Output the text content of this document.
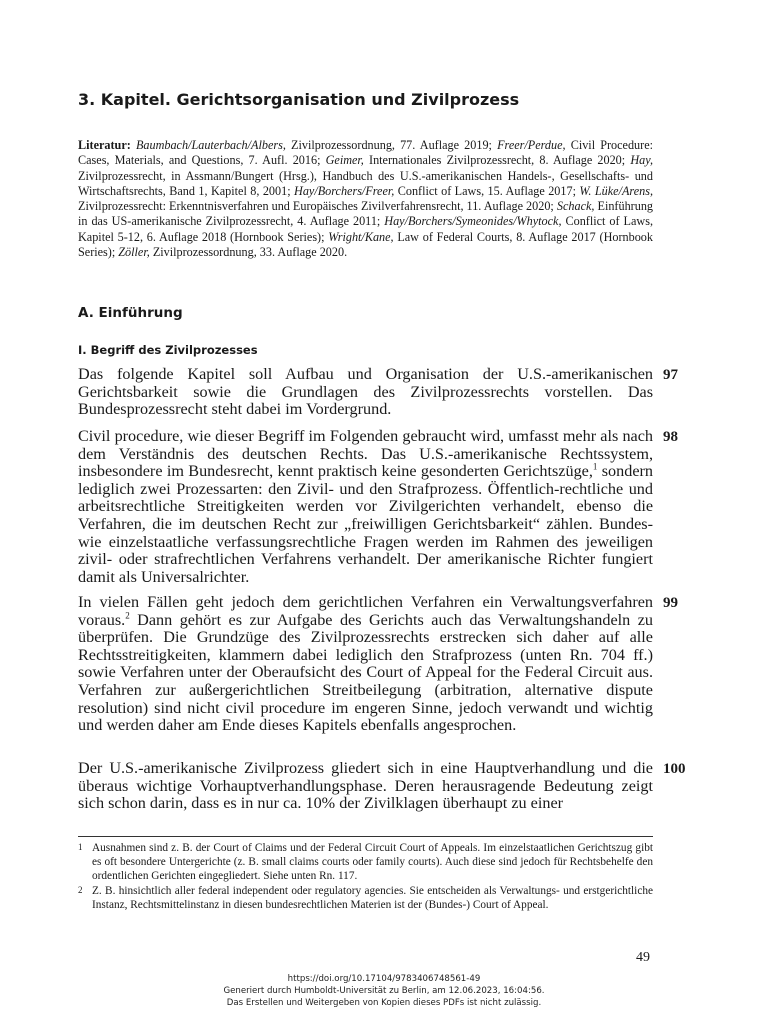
3. Kapitel. Gerichtsorganisation und Zivilprozess
Literatur: Baumbach/Lauterbach/Albers, Zivilprozessordnung, 77. Auflage 2019; Freer/Perdue, Civil Procedure: Cases, Materials, and Questions, 7. Aufl. 2016; Geimer, Internationales Zivilprozessrecht, 8. Auflage 2020; Hay, Zivilprozessrecht, in Assmann/Bungert (Hrsg.), Handbuch des U.S.-amerikanischen Handels-, Gesellschafts- und Wirtschaftsrechts, Band 1, Kapitel 8, 2001; Hay/Borchers/Freer, Conflict of Laws, 15. Auflage 2017; W. Lüke/Arens, Zivilprozessrecht: Erkenntnisverfahren und Europäisches Zivilverfahrensrecht, 11. Auflage 2020; Schack, Einführung in das US-amerikanische Zivilprozessrecht, 4. Auflage 2011; Hay/Borchers/Symeonides/Whytock, Conflict of Laws, Kapitel 5-12, 6. Auflage 2018 (Hornbook Series); Wright/Kane, Law of Federal Courts, 8. Auflage 2017 (Hornbook Series); Zöller, Zivilprozessordnung, 33. Auflage 2020.
A. Einführung
I. Begriff des Zivilprozesses
Das folgende Kapitel soll Aufbau und Organisation der U.S.-amerikanischen Gerichtsbarkeit sowie die Grundlagen des Zivilprozessrechts vorstellen. Das Bundesprozessrecht steht dabei im Vordergrund.
97
Civil procedure, wie dieser Begriff im Folgenden gebraucht wird, umfasst mehr als nach dem Verständnis des deutschen Rechts. Das U.S.-amerikanische Rechtssystem, insbesondere im Bundesrecht, kennt praktisch keine gesonderten Gerichtszüge,$^1$ sondern lediglich zwei Prozessarten: den Zivil- und den Strafprozess. Öffentlich-rechtliche und arbeitsrechtliche Streitigkeiten werden vor Zivilgerichten verhandelt, ebenso die Verfahren, die im deutschen Recht zur „freiwilligen Gerichtsbarkeit“ zählen. Bundes- wie einzelstaatliche verfassungsrechtliche Fragen werden im Rahmen des jeweiligen zivil- oder strafrechtlichen Verfahrens verhandelt. Der amerikanische Richter fungiert damit als Universalrichter.
98
In vielen Fällen geht jedoch dem gerichtlichen Verfahren ein Verwaltungsverfahren voraus.$^2$ Dann gehört es zur Aufgabe des Gerichts auch das Verwaltungshandeln zu überprüfen. Die Grundzüge des Zivilprozessrechts erstrecken sich daher auf alle Rechtsstreitigkeiten, klammern dabei lediglich den Strafprozess (unten Rn. 704 ff.) sowie Verfahren unter der Oberaufsicht des Court of Appeal for the Federal Circuit aus. Verfahren zur außergerichtlichen Streitbeilegung (arbitration, alternative dispute resolution) sind nicht civil procedure im engeren Sinne, jedoch verwandt und wichtig und werden daher am Ende dieses Kapitels ebenfalls angesprochen.
99
Der U.S.-amerikanische Zivilprozess gliedert sich in eine Hauptverhandlung und die überaus wichtige Vorhauptverhandlungsphase. Deren herausragende Bedeutung zeigt sich schon darin, dass es in nur ca. 10% der Zivilklagen überhaupt zu einer
100
1 Ausnahmen sind z. B. der Court of Claims und der Federal Circuit Court of Appeals. Im einzelstaatlichen Gerichtszug gibt es oft besondere Untergerichte (z. B. small claims courts oder family courts). Auch diese sind jedoch für Rechtsbehelfe den ordentlichen Gerichten eingegliedert. Siehe unten Rn. 117.
2 Z. B. hinsichtlich aller federal independent oder regulatory agencies. Sie entscheiden als Verwaltungs- und erstgerichtliche Instanz, Rechtsmittelinstanz in diesen bundesrechtlichen Materien ist der (Bundes-) Court of Appeal.
49
https://doi.org/10.17104/9783406748561-49
Generiert durch Humboldt-Universität zu Berlin, am 12.06.2023, 16:04:56.
Das Erstellen und Weitergeben von Kopien dieses PDFs ist nicht zulässig.
